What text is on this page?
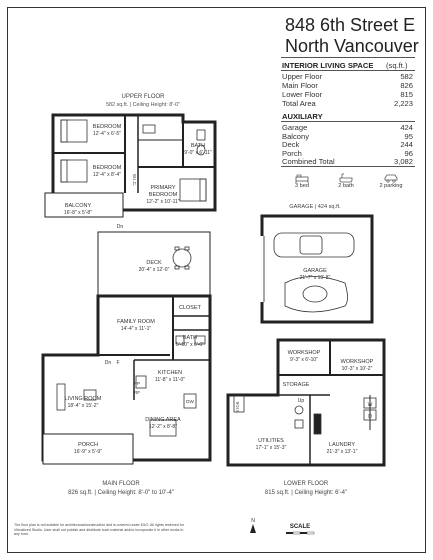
848 6th Street E
North Vancouver
INTERIOR LIVING SPACE (sq.ft.)
Upper Floor	582
Main Floor	826
Lower Floor	815
Total Area	2,223
AUXILIARY
Garage	424
Balcony	95
Deck	244
Porch	96
Combined Total	3,082
3 bed	2 bath	2 parking
UPPER FLOOR
582 sq.ft. | Ceiling Height: 8'-0"
BEDROOM
12'-4" x 6'-5"
BEDROOM
12'-4" x 8'-4"
BATH
9'-0" x 6'-11"
W.I.C.
PRIMARY
BEDROOM
12'-2" x 10'-11"
BALCONY
16'-8" x 5'-8"
GARAGE | 424 sq.ft.
GARAGE
21'-7" x 19'-8"
DECK
20'-4" x 12'-0"
Dn
FAMILY ROOM
14'-4" x 11'-1"
CLOSET
BATH
5'-10" x 6'-0"
KITCHEN
11'-8" x 11'-0"
LIVING ROOM
18'-4" x 15'-2"
DINING AREA
12'-2" x 8'-8"
PORCH
16'-9" x 5'-9"
F
Dn
PP
RF
DW
826 sq.ft. | Ceiling Height: 8'-0" to 10'-4"
MAIN FLOOR
WORKSHOP
9'-3" x 6'-10"	WORKSHOP
10'-3" x 10'-2"
STORAGE
UTILITIES
17'-1" x 15'-3"	LAUNDRY
21'-3" x 13'-1"
STOR
Up
W
D
LOWER FLOOR
815 sq.ft. | Ceiling Height: 6'-4"
N
SCALE
The floor plan is not suitable for architectural/construction and is covered under E&O. All rights reserved for Virtualized Studio. User shall not publish and distribute such material and/or incorporate it in other works in any form.
